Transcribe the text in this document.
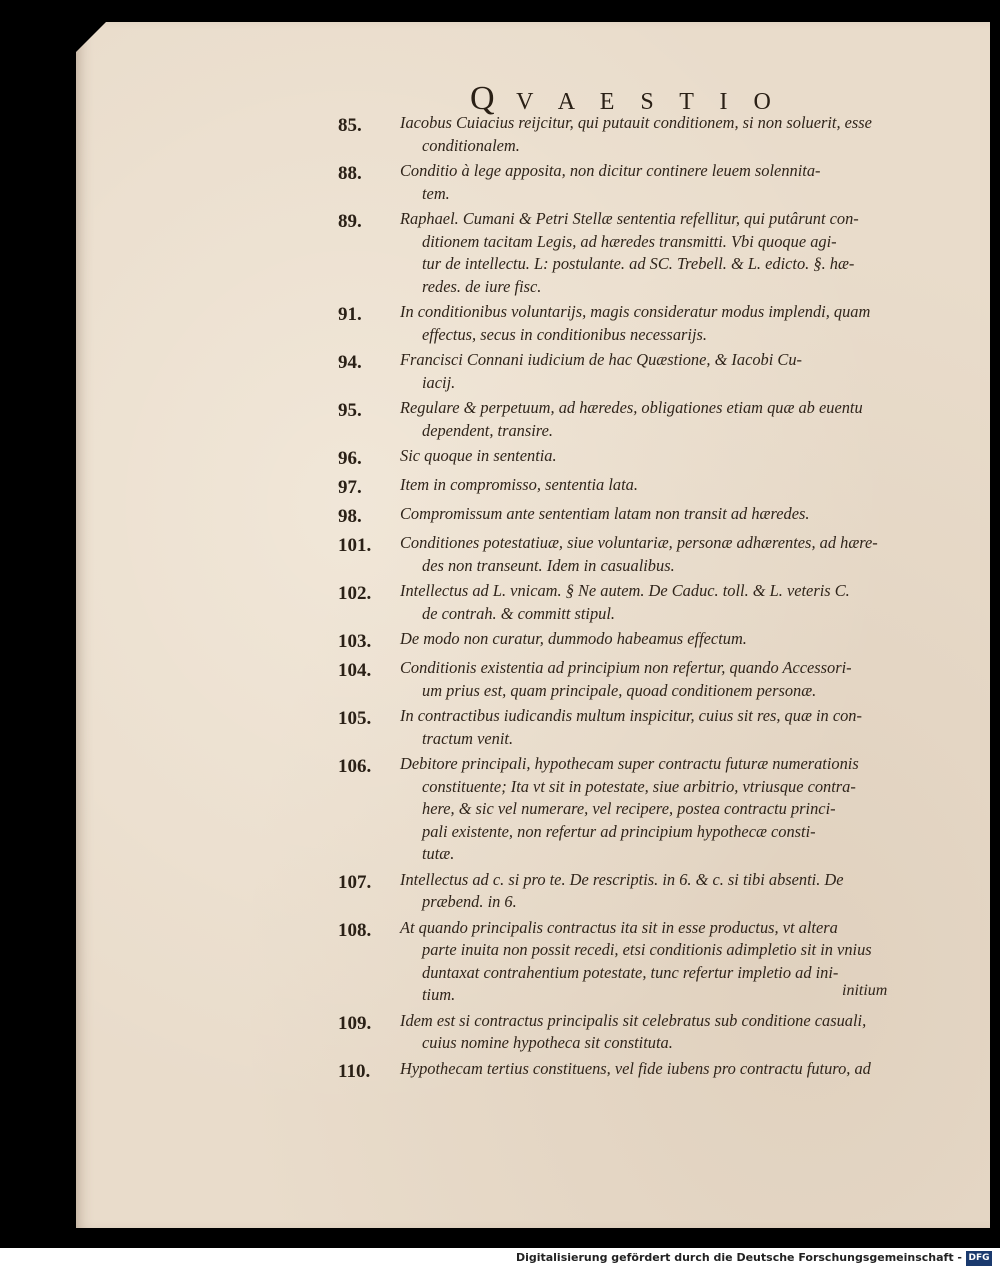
Q V A E S T I O
85.	Iacobus Cuiacius reijcitur, qui putauit conditionem, si non soluerit, esse
conditionalem.
88.	Conditio à lege apposita, non dicitur continere leuem solennita-
tem.
89.	Raphael. Cumani & Petri Stellæ sententia refellitur, qui putârunt con-
ditionem tacitam Legis, ad hæredes transmitti. Vbi quoque agi-
tur de intellectu. L: postulante. ad SC. Trebell. & L. edicto. §. hæ-
redes. de iure fisc.
91.	In conditionibus voluntarijs, magis consideratur modus implendi, quam
effectus, secus in conditionibus necessarijs.
94.	Francisci Connani iudicium de hac Quæstione, & Iacobi Cu-
iacij.
95.	Regulare & perpetuum, ad hæredes, obligationes etiam quæ ab euentu
dependent, transire.
96.	Sic quoque in sententia.
97.	Item in compromisso, sententia lata.
98.	Compromissum ante sententiam latam non transit ad hæredes.
101.	Conditiones potestatiuæ, siue voluntariæ, personæ adhærentes, ad hære-
des non transeunt. Idem in casualibus.
102.	Intellectus ad L. vnicam. § Ne autem. De Caduc. toll. & L. veteris C.
de contrah. & committ stipul.
103.	De modo non curatur, dummodo habeamus effectum.
104.	Conditionis existentia ad principium non refertur, quando Accessori-
um prius est, quam principale, quoad conditionem personæ.
105.	In contractibus iudicandis multum inspicitur, cuius sit res, quæ in con-
tractum venit.
106.	Debitore principali, hypothecam super contractu futuræ numerationis
constituente; Ita vt sit in potestate, siue arbitrio, vtriusque contra-
here, & sic vel numerare, vel recipere, postea contractu princi-
pali existente, non refertur ad principium hypothecæ consti-
tutæ.
107.	Intellectus ad c. si pro te. De rescriptis. in 6. & c. si tibi absenti. De
præbend. in 6.
108.	At quando principalis contractus ita sit in esse productus, vt altera
parte inuita non possit recedi, etsi conditionis adimpletio sit in vnius
duntaxat contrahentium potestate, tunc refertur impletio ad ini-
tium.
109.	Idem est si contractus principalis sit celebratus sub conditione casuali,
cuius nomine hypotheca sit constituta.
110.	Hypothecam tertius constituens, vel fide iubens pro contractu futuro, ad
initium
Digitalisierung gefördert durch die Deutsche Forschungsgemeinschaft - DFG
